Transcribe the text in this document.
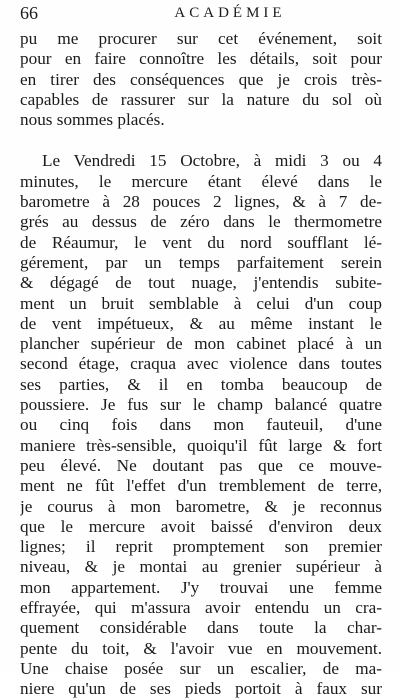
66	ACADÉMIE
pu me procurer sur cet événement, soit
pour en faire connoître les détails, soit pour
en tirer des conséquences que je crois très-
capables de rassurer sur la nature du sol où
nous sommes placés.
Le Vendredi 15 Octobre, à midi 3 ou 4
minutes, le mercure étant élevé dans le
barometre à 28 pouces 2 lignes, & à 7 de-
grés au dessus de zéro dans le thermometre
de Réaumur, le vent du nord soufflant lé-
gérement, par un temps parfaitement serein
& dégagé de tout nuage, j'entendis subite-
ment un bruit semblable à celui d'un coup
de vent impétueux, & au même instant le
plancher supérieur de mon cabinet placé à un
second étage, craqua avec violence dans toutes
ses parties, & il en tomba beaucoup de
poussiere. Je fus sur le champ balancé quatre
ou cinq fois dans mon fauteuil, d'une
maniere très-sensible, quoiqu'il fût large & fort
peu élevé. Ne doutant pas que ce mouve-
ment ne fût l'effet d'un tremblement de terre,
je courus à mon barometre, & je reconnus
que le mercure avoit baissé d'environ deux
lignes; il reprit promptement son premier
niveau, & je montai au grenier supérieur à
mon appartement. J'y trouvai une femme
effrayée, qui m'assura avoir entendu un cra-
quement considérable dans toute la char-
pente du toit, & l'avoir vue en mouvement.
Une chaise posée sur un escalier, de ma-
niere qu'un de ses pieds portoit à faux sur
